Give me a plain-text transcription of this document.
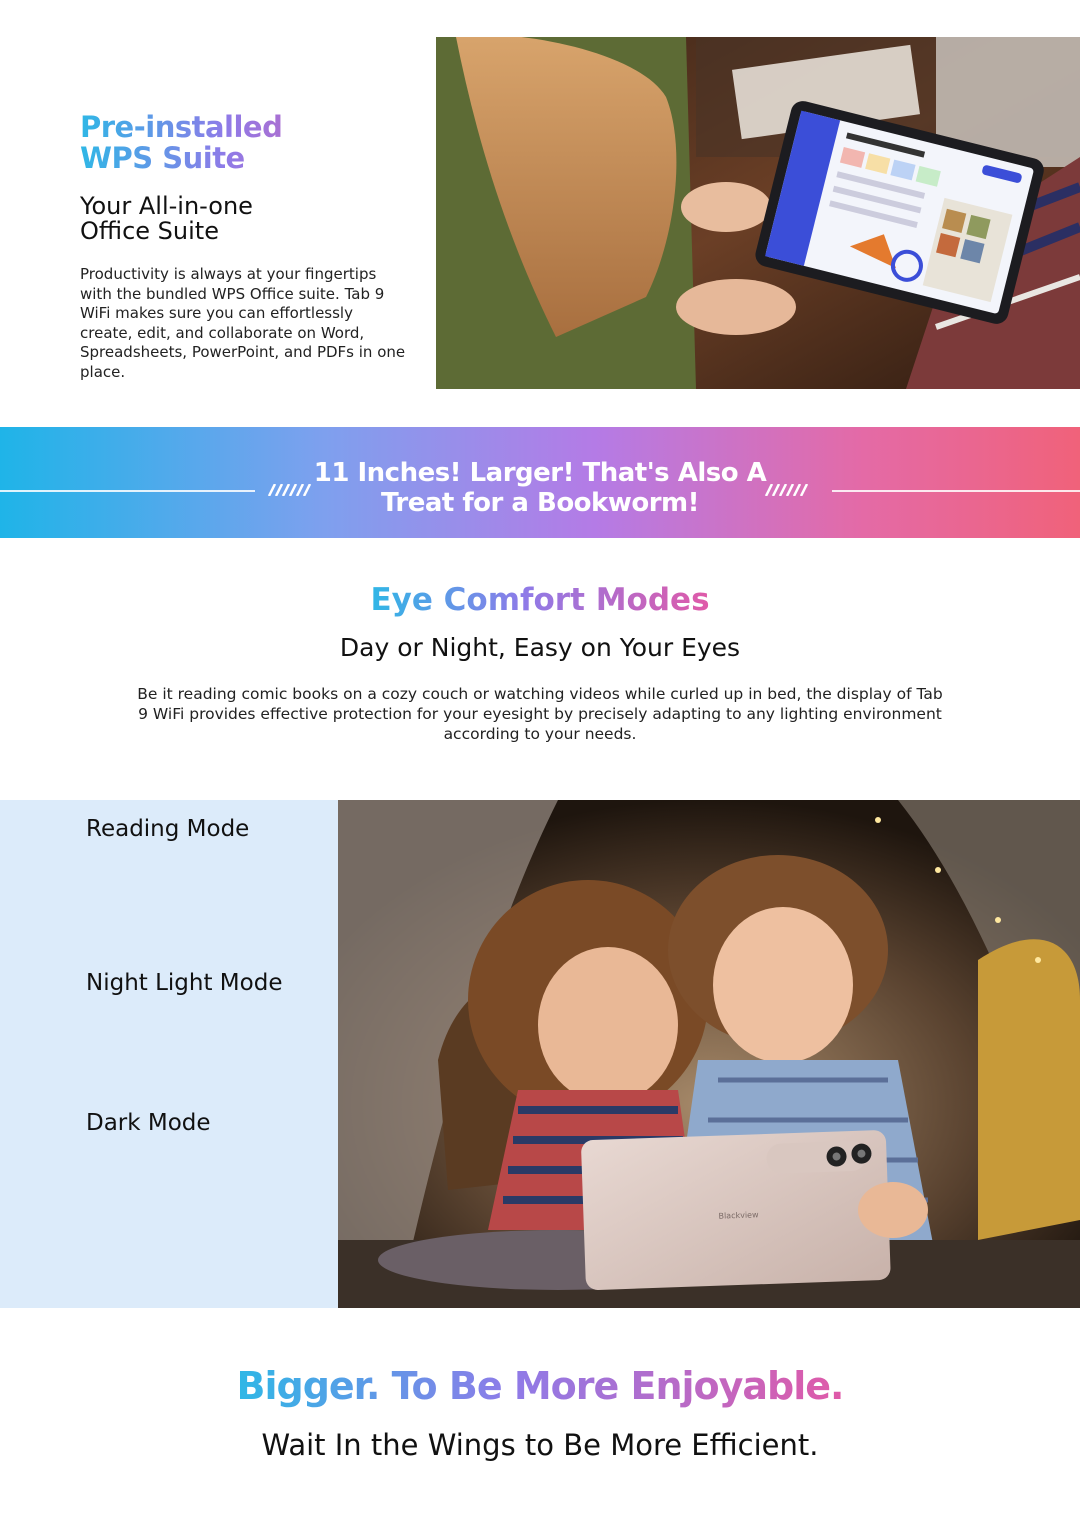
Pre-installed
WPS Suite
Your All-in-one
Office Suite
Productivity is always at your fingertips with the bundled WPS Office suite. Tab 9 WiFi makes sure you can effortlessly create, edit, and collaborate on Word, Spreadsheets, PowerPoint, and PDFs in one place.
11 Inches! Larger! That's Also A
Treat for a Bookworm!
Eye Comfort Modes
Day or Night, Easy on Your Eyes
Be it reading comic books on a cozy couch or watching videos while curled up in bed, the display of Tab 9 WiFi provides effective protection for your eyesight by precisely adapting to any lighting environment according to your needs.
Reading Mode
Night Light Mode
Dark Mode
Blackview
Bigger. To Be More Enjoyable.
Wait In the Wings to Be More Efficient.
